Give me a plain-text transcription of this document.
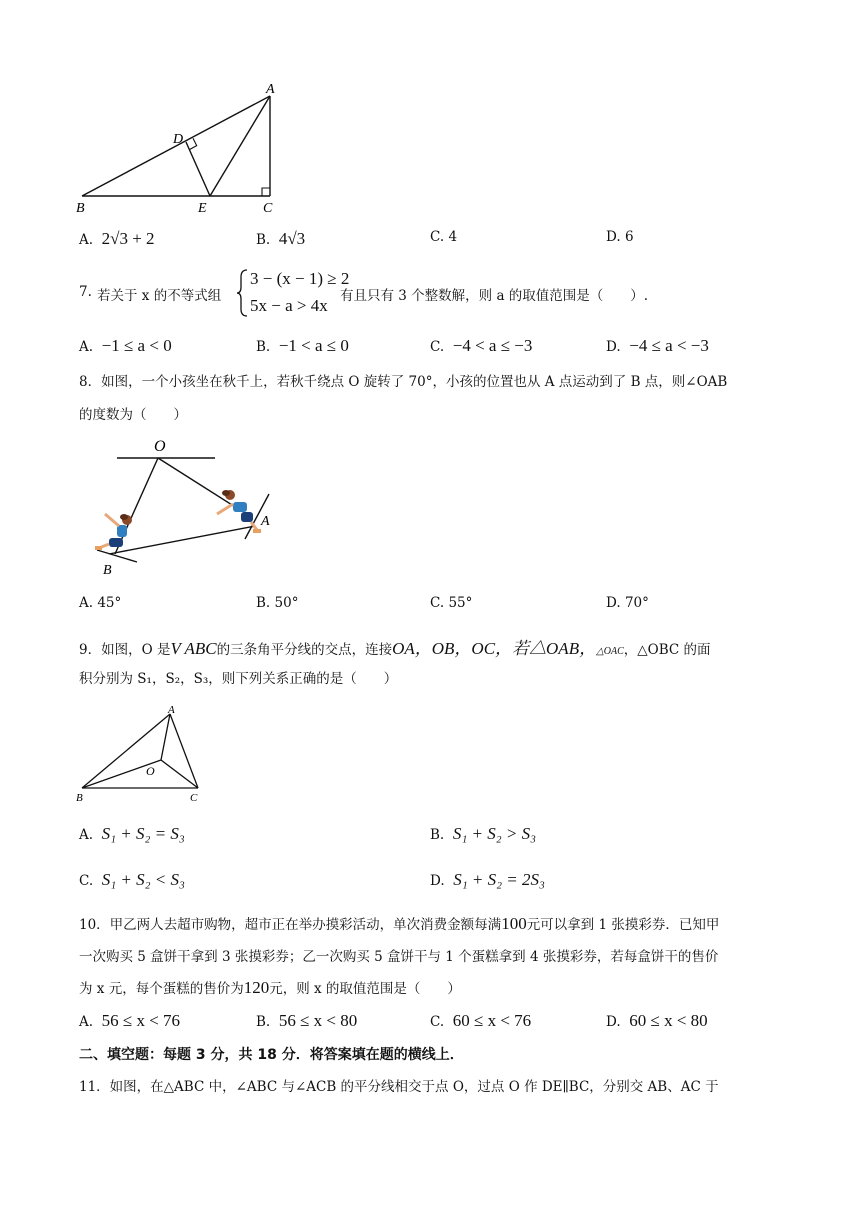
A
B	C
D
E
A. 2√3 + 2	B. 4√3	C. 4	D. 6
7. 若关于 x 的不等式组
3 − (x − 1) ≥ 2
5x − a > 4x 有且只有 3 个整数解，则 a 的取值范围是（　　）.
A. −1 ≤ a < 0	B. −1 < a ≤ 0	C. −4 < a ≤ −3	D. −4 ≤ a < −3
8．如图，一个小孩坐在秋千上，若秋千绕点 O 旋转了 70°，小孩的位置也从 A 点运动到了 B 点，则∠OAB
的度数为（　　）
O
A
B
A. 45°	B. 50°	C. 55°	D. 70°
9．如图，O 是V ABC的三条角平分线的交点，连接OA，OB，OC，若△OAB，△OAC，△OBC 的面
积分别为 S₁，S₂，S₃，则下列关系正确的是（　　）
A
O
B	C
A. S₁ + S₂ = S₃	B. S₁ + S₂ > S₃
C. S₁ + S₂ < S₃	D. S₁ + S₂ = 2S₃
10．甲乙两人去超市购物，超市正在举办摸彩活动，单次消费金额每满100元可以拿到 1 张摸彩券．已知甲
一次购买 5 盒饼干拿到 3 张摸彩券；乙一次购买 5 盒饼干与 1 个蛋糕拿到 4 张摸彩券，若每盒饼干的售价
为 x 元，每个蛋糕的售价为120元，则 x 的取值范围是（　　）
A. 56 ≤ x < 76	B. 56 ≤ x < 80	C. 60 ≤ x < 76	D. 60 ≤ x < 80
二、填空题：每题 3 分，共 18 分．将答案填在题的横线上．
11．如图，在△ABC 中，∠ABC 与∠ACB 的平分线相交于点 O，过点 O 作 DE∥BC，分别交 AB、AC 于
